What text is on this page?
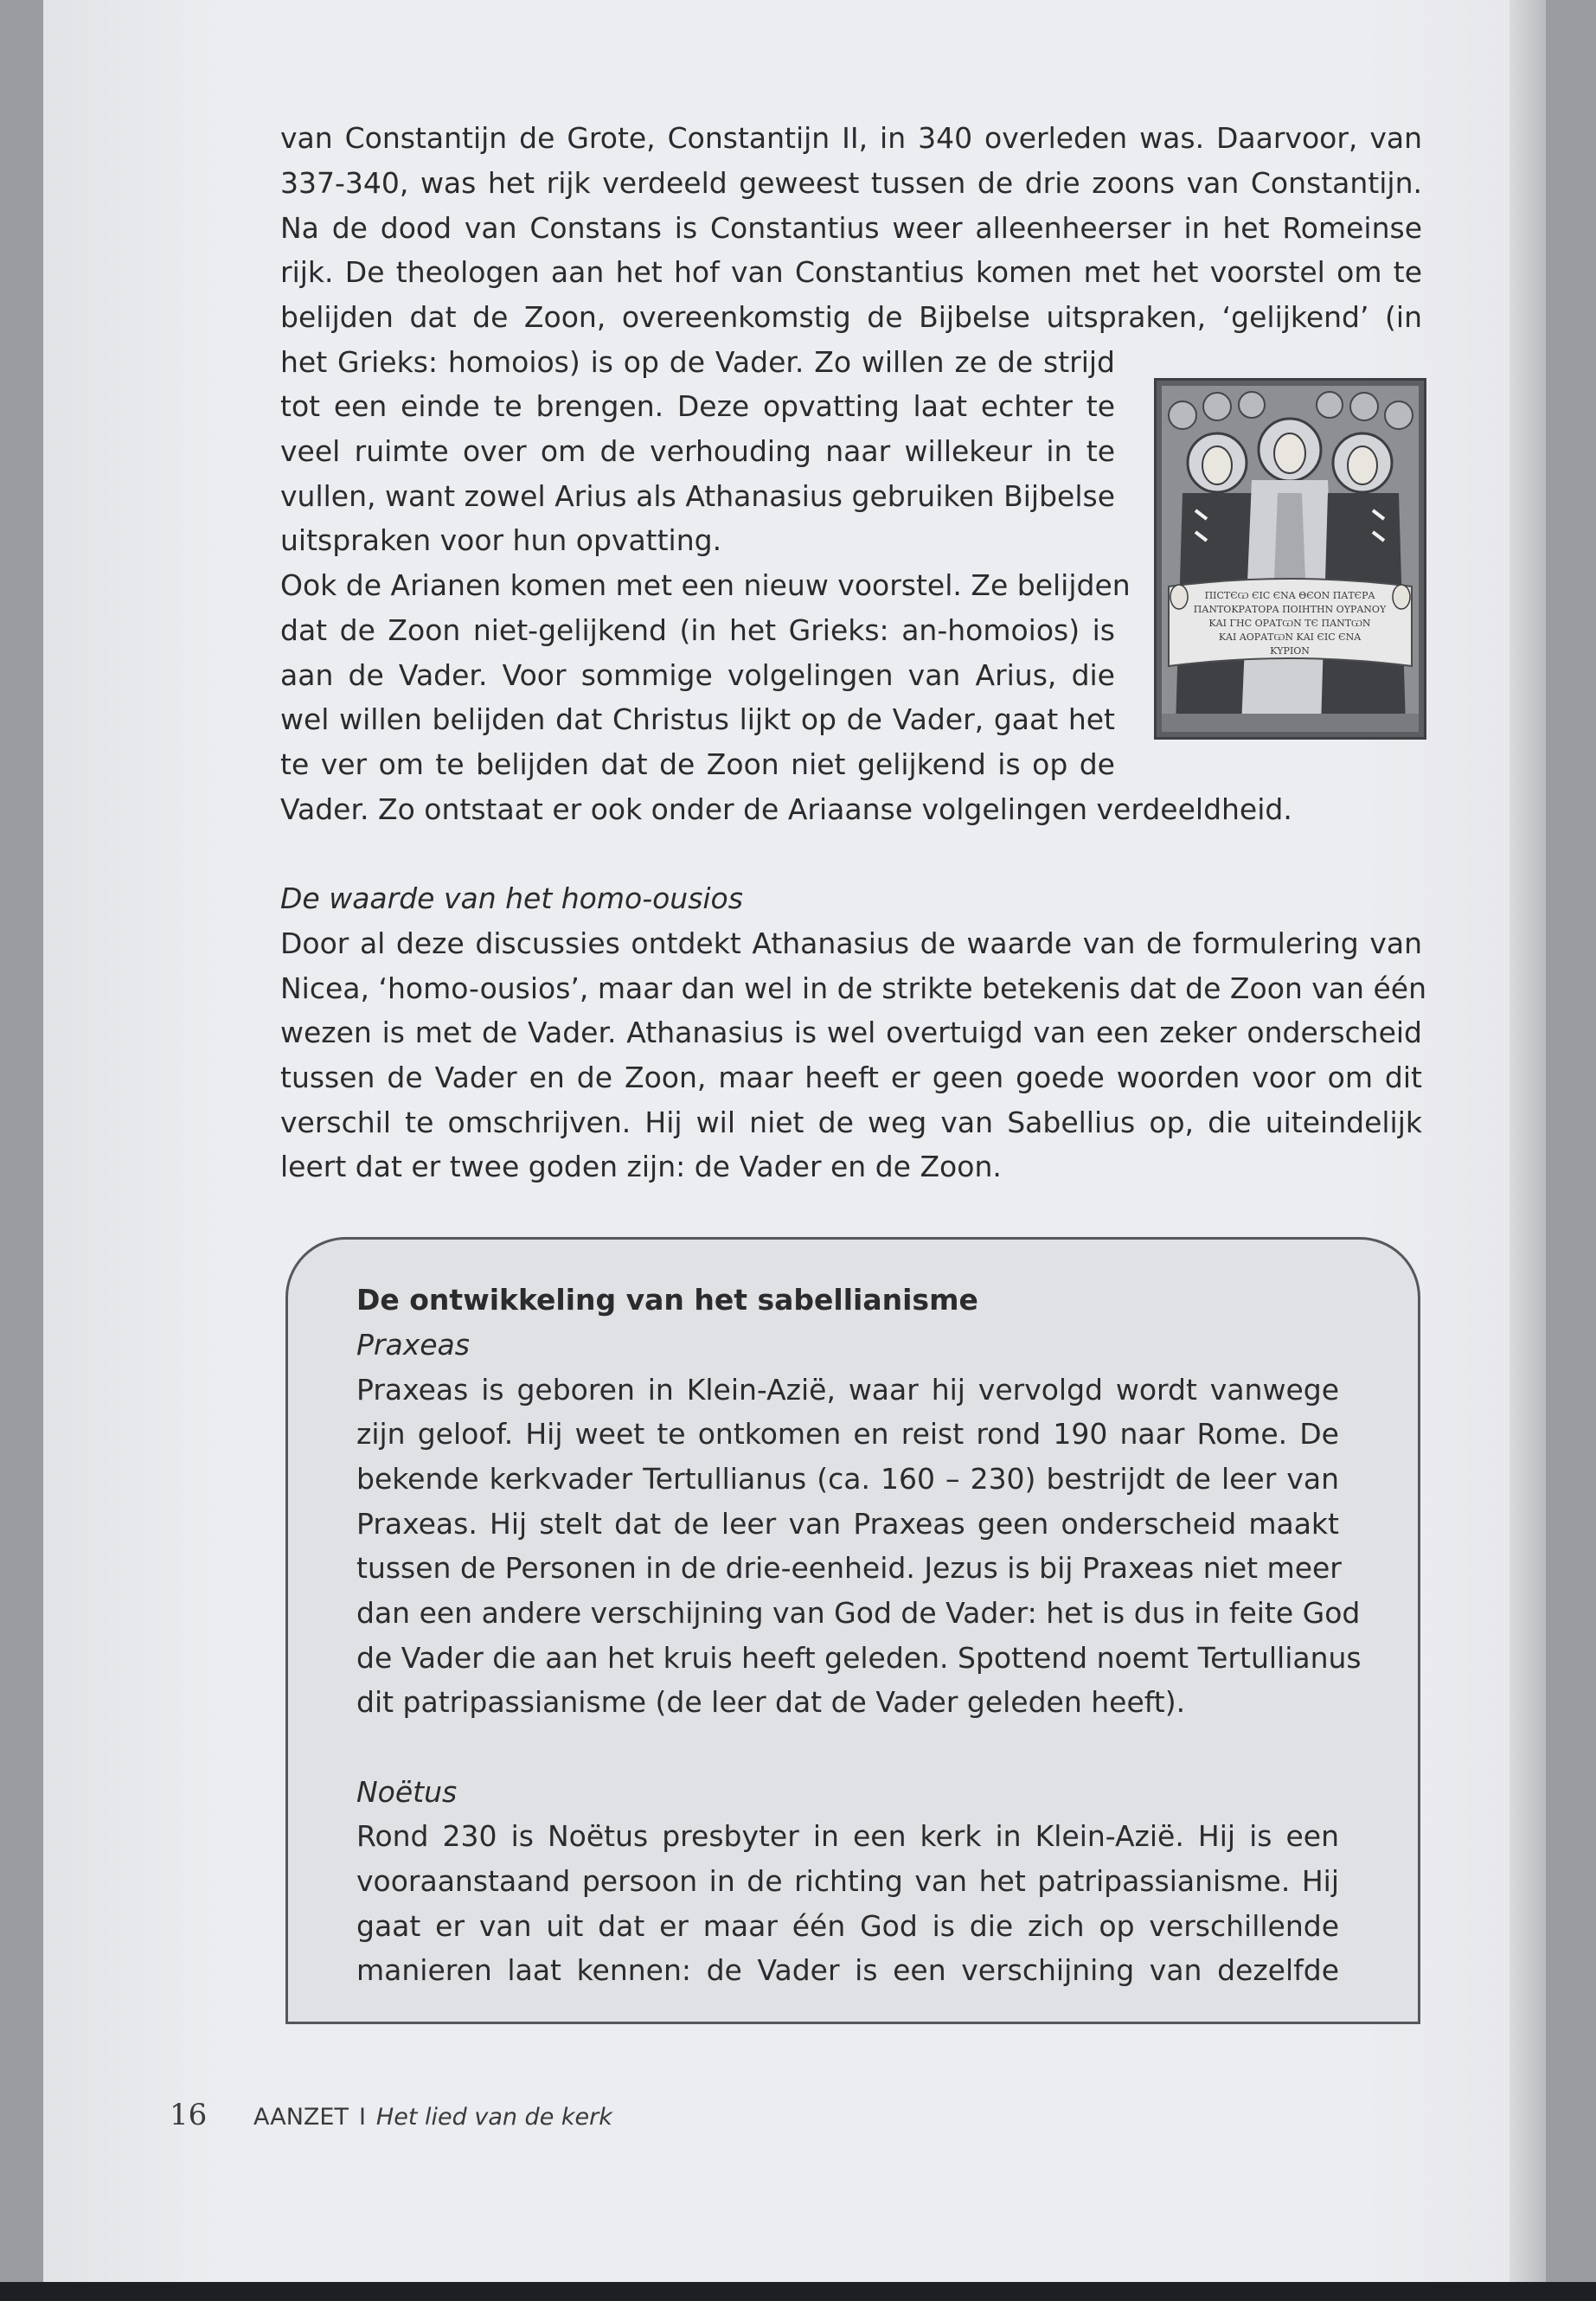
van Constantijn de Grote, Constantijn II, in 340 overleden was. Daarvoor, van
337-340, was het rijk verdeeld geweest tussen de drie zoons van Constantijn.
Na de dood van Constans is Constantius weer alleenheerser in het Romeinse
rijk. De theologen aan het hof van Constantius komen met het voorstel om te
belijden dat de Zoon, overeenkomstig de Bijbelse uitspraken, ‘gelijkend’ (in
het Grieks: homoios) is op de Vader. Zo willen ze de strijd
tot een einde te brengen. Deze opvatting laat echter te
veel ruimte over om de verhouding naar willekeur in te
vullen, want zowel Arius als Athanasius gebruiken Bijbelse
uitspraken voor hun opvatting.
Ook de Arianen komen met een nieuw voorstel. Ze belijden
dat de Zoon niet-gelijkend (in het Grieks: an-homoios) is
aan de Vader. Voor sommige volgelingen van Arius, die
wel willen belijden dat Christus lijkt op de Vader, gaat het
te ver om te belijden dat de Zoon niet gelijkend is op de
Vader. Zo ontstaat er ook onder de Ariaanse volgelingen verdeeldheid.
De waarde van het homo-ousios
Door al deze discussies ontdekt Athanasius de waarde van de formulering van
Nicea, ‘homo-ousios’, maar dan wel in de strikte betekenis dat de Zoon van één
wezen is met de Vader. Athanasius is wel overtuigd van een zeker onderscheid
tussen de Vader en de Zoon, maar heeft er geen goede woorden voor om dit
verschil te omschrijven. Hij wil niet de weg van Sabellius op, die uiteindelijk
leert dat er twee goden zijn: de Vader en de Zoon.
ПІСТЄѠ ЄІС ЄΝΑ ΘЄΟΝ ΠΑΤЄΡΑ
ΠΑΝΤΟΚΡΑΤΟΡΑ ΠΟΙΗΤΗΝ ΟΥΡΑΝΟΥ
ΚΑΙ ΓΗC ΟΡΑΤѠΝ ΤЄ ΠΑΝΤѠΝ
ΚΑΙ ΑΟΡΑΤѠΝ ΚΑΙ ЄΙC ЄΝΑ
ΚΥΡΙΟΝ
De ontwikkeling van het sabellianisme
Praxeas
Praxeas is geboren in Klein-Azië, waar hij vervolgd wordt vanwege
zijn geloof. Hij weet te ontkomen en reist rond 190 naar Rome. De
bekende kerkvader Tertullianus (ca. 160 – 230) bestrijdt de leer van
Praxeas. Hij stelt dat de leer van Praxeas geen onderscheid maakt
tussen de Personen in de drie-eenheid. Jezus is bij Praxeas niet meer
dan een andere verschijning van God de Vader: het is dus in feite God
de Vader die aan het kruis heeft geleden. Spottend noemt Tertullianus
dit patripassianisme (de leer dat de Vader geleden heeft).
Noëtus
Rond 230 is Noëtus presbyter in een kerk in Klein-Azië. Hij is een
vooraanstaand persoon in de richting van het patripassianisme. Hij
gaat er van uit dat er maar één God is die zich op verschillende
manieren laat kennen: de Vader is een verschijning van dezelfde
16 AANZET I Het lied van de kerk
